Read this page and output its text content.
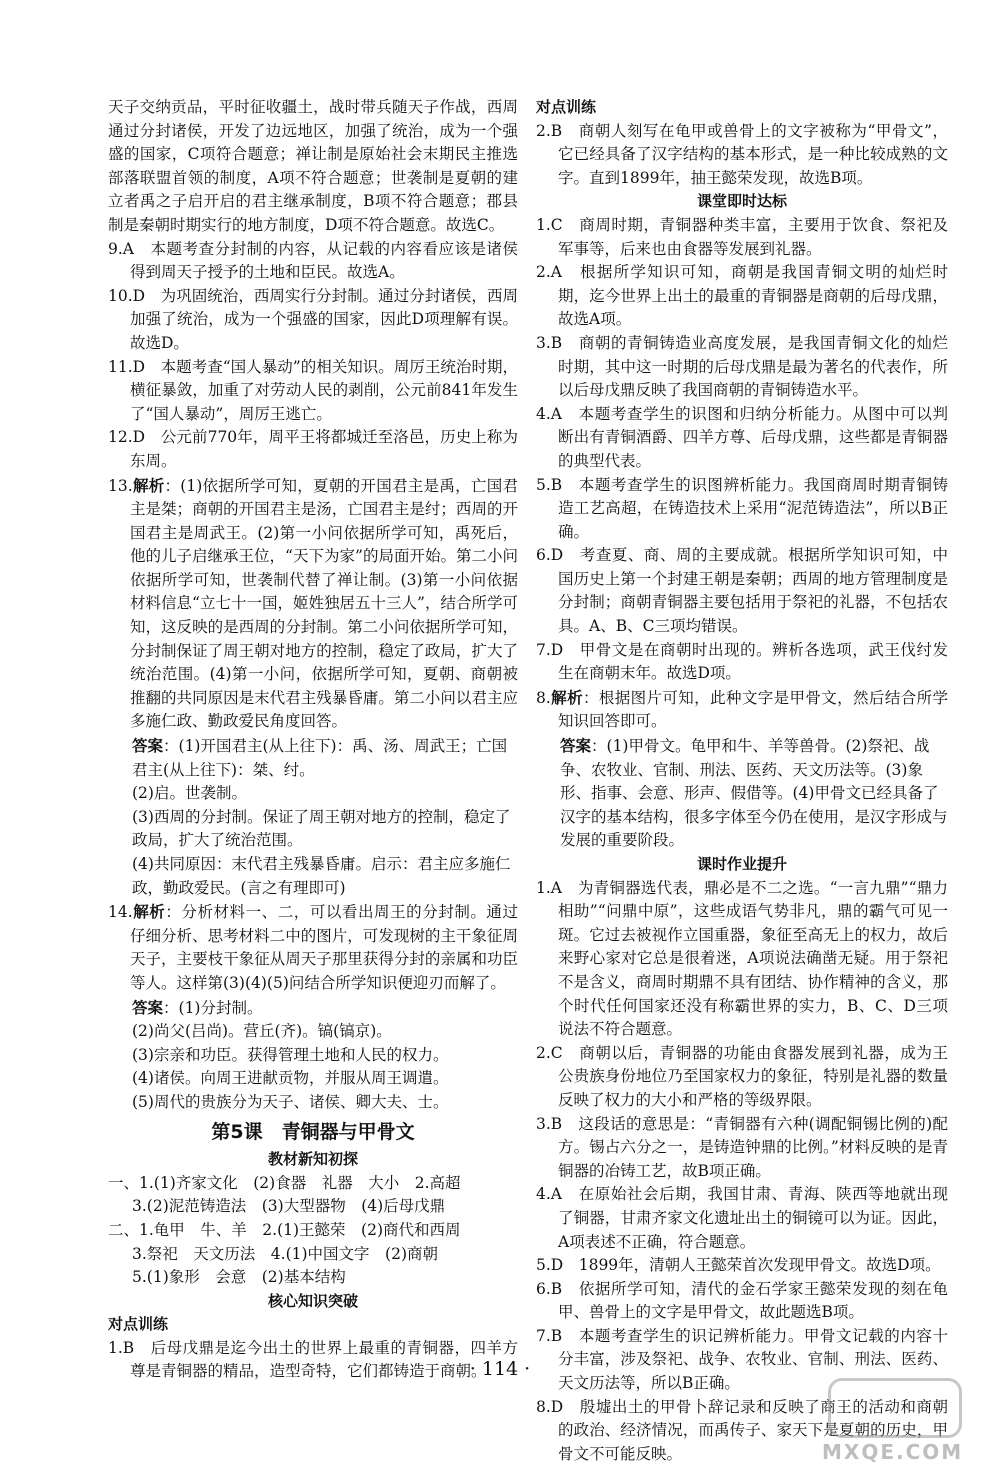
天子交纳贡品，平时征收疆土，战时带兵随天子作战，西周通过分封诸侯，开发了边远地区，加强了统治，成为一个强盛的国家，C项符合题意；禅让制是原始社会末期民主推选部落联盟首领的制度，A项不符合题意；世袭制是夏朝的建立者禹之子启开启的君主继承制度，B项不符合题意；郡县制是秦朝时期实行的地方制度，D项不符合题意。故选C。

9.A　本题考查分封制的内容，从记载的内容看应该是诸侯得到周天子授予的土地和臣民。故选A。

10.D　为巩固统治，西周实行分封制。通过分封诸侯，西周加强了统治，成为一个强盛的国家，因此D项理解有误。故选D。

11.D　本题考查“国人暴动”的相关知识。周厉王统治时期，横征暴敛，加重了对劳动人民的剥削，公元前841年发生了“国人暴动”，周厉王逃亡。

12.D　公元前770年，周平王将都城迁至洛邑，历史上称为东周。

13.解析：(1)依据所学可知，夏朝的开国君主是禹，亡国君主是桀；商朝的开国君主是汤，亡国君主是纣；西周的开国君主是周武王。(2)第一小问依据所学可知，禹死后，他的儿子启继承王位，“天下为家”的局面开始。第二小问依据所学可知，世袭制代替了禅让制。(3)第一小问依据材料信息“立七十一国，姬姓独居五十三人”，结合所学可知，这反映的是西周的分封制。第二小问依据所学可知，分封制保证了周王朝对地方的控制，稳定了政局，扩大了统治范围。(4)第一小问，依据所学可知，夏朝、商朝被推翻的共同原因是末代君主残暴昏庸。第二小问以君主应多施仁政、勤政爱民角度回答。

答案：(1)开国君主(从上往下)：禹、汤、周武王；亡国君主(从上往下)：桀、纣。

(2)启。世袭制。

(3)西周的分封制。保证了周王朝对地方的控制，稳定了政局，扩大了统治范围。

(4)共同原因：末代君主残暴昏庸。启示：君主应多施仁政，勤政爱民。(言之有理即可)

14.解析：分析材料一、二，可以看出周王的分封制。通过仔细分析、思考材料二中的图片，可发现树的主干象征周天子，主要枝干象征从周天子那里获得分封的亲属和功臣等人。这样第(3)(4)(5)问结合所学知识便迎刃而解了。

答案：(1)分封制。

(2)尚父(吕尚)。营丘(齐)。镐(镐京)。

(3)宗亲和功臣。获得管理土地和人民的权力。

(4)诸侯。向周王进献贡物，并服从周王调遣。

(5)周代的贵族分为天子、诸侯、卿大夫、士。

第5课　青铜器与甲骨文

教材新知初探

一、1.(1)齐家文化　(2)食器　礼器　大小　2.高超

3.(2)泥范铸造法　(3)大型器物　(4)后母戊鼎

二、1.龟甲　牛、羊　2.(1)王懿荣　(2)商代和西周

3.祭祀　天文历法　4.(1)中国文字　(2)商朝

5.(1)象形　会意　(2)基本结构

核心知识突破

对点训练

1.B　后母戊鼎是迄今出土的世界上最重的青铜器，四羊方尊是青铜器的精品，造型奇特，它们都铸造于商朝。

对点训练

2.B　商朝人刻写在龟甲或兽骨上的文字被称为“甲骨文”，它已经具备了汉字结构的基本形式，是一种比较成熟的文字。直到1899年，抽王懿荣发现，故选B项。

课堂即时达标

1.C　商周时期，青铜器种类丰富，主要用于饮食、祭祀及军事等，后来也由食器等发展到礼器。

2.A　根据所学知识可知，商朝是我国青铜文明的灿烂时期，迄今世界上出土的最重的青铜器是商朝的后母戊鼎，故选A项。

3.B　商朝的青铜铸造业高度发展，是我国青铜文化的灿烂时期，其中这一时期的后母戊鼎是最为著名的代表作，所以后母戊鼎反映了我国商朝的青铜铸造水平。

4.A　本题考查学生的识图和归纳分析能力。从图中可以判断出有青铜酒爵、四羊方尊、后母戊鼎，这些都是青铜器的典型代表。

5.B　本题考查学生的识图辨析能力。我国商周时期青铜铸造工艺高超，在铸造技术上采用“泥范铸造法”，所以B正确。

6.D　考查夏、商、周的主要成就。根据所学知识可知，中国历史上第一个封建王朝是秦朝；西周的地方管理制度是分封制；商朝青铜器主要包括用于祭祀的礼器，不包括农具。A、B、C三项均错误。

7.D　甲骨文是在商朝时出现的。辨析各选项，武王伐纣发生在商朝末年。故选D项。

8.解析：根据图片可知，此种文字是甲骨文，然后结合所学知识回答即可。

答案：(1)甲骨文。龟甲和牛、羊等兽骨。(2)祭祀、战争、农牧业、官制、刑法、医药、天文历法等。(3)象形、指事、会意、形声、假借等。(4)甲骨文已经具备了汉字的基本结构，很多字体至今仍在使用，是汉字形成与发展的重要阶段。

课时作业提升

1.A　为青铜器选代表，鼎必是不二之选。“一言九鼎”“鼎力相助”“问鼎中原”，这些成语气势非凡，鼎的霸气可见一斑。它过去被视作立国重器，象征至高无上的权力，故后来野心家对它总是很着迷，A项说法确凿无疑。用于祭祀不是含义，商周时期鼎不具有团结、协作精神的含义，那个时代任何国家还没有称霸世界的实力，B、C、D三项说法不符合题意。

2.C　商朝以后，青铜器的功能由食器发展到礼器，成为王公贵族身份地位乃至国家权力的象征，特别是礼器的数量反映了权力的大小和严格的等级界限。

3.B　这段话的意思是：“青铜器有六种(调配铜锡比例的)配方。锡占六分之一，是铸造钟鼎的比例。”材料反映的是青铜器的冶铸工艺，故B项正确。

4.A　在原始社会后期，我国甘肃、青海、陕西等地就出现了铜器，甘肃齐家文化遗址出土的铜镜可以为证。因此，A项表述不正确，符合题意。

5.D　1899年，清朝人王懿荣首次发现甲骨文。故选D项。

6.B　依据所学可知，清代的金石学家王懿荣发现的刻在龟甲、兽骨上的文字是甲骨文，故此题选B项。

7.B　本题考查学生的识记辨析能力。甲骨文记载的内容十分丰富，涉及祭祀、战争、农牧业、官制、刑法、医药、天文历法等，所以B正确。

8.D　殷墟出土的甲骨卜辞记录和反映了商王的活动和商朝的政治、经济情况，而禹传子、家天下是夏朝的历史，甲骨文不可能反映。

· 114 ·
MXQE.COM
